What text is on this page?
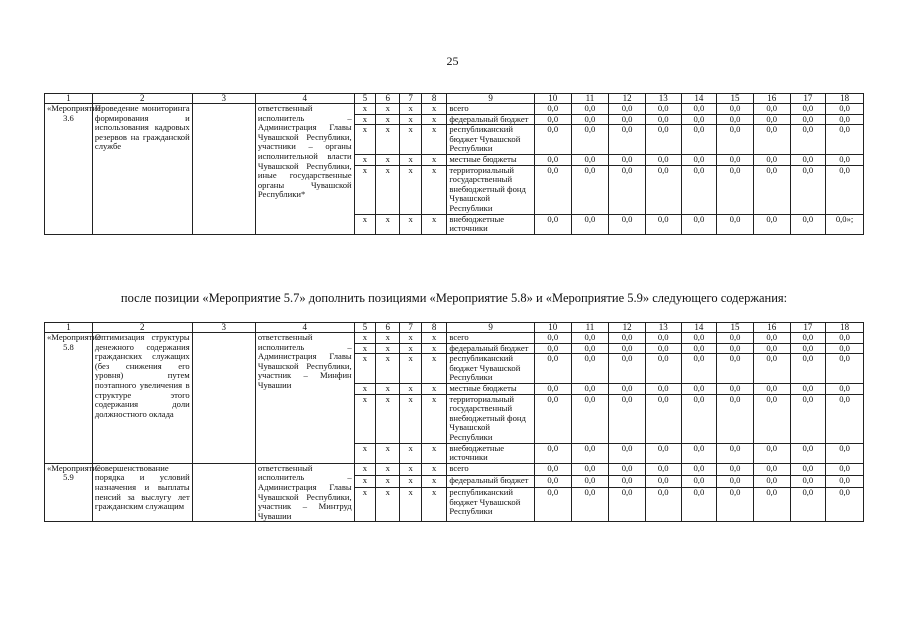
25
1	2	3	4	5	6	7	8	9	10	11	12	13	14	15	16	17	18
«Мероприятие 3.6	Проведение мониторинга формирования и использования кадровых резервов на гражданской службе		ответственный исполнитель – Администрация Главы Чувашской Республики, участники – органы исполнительной власти Чувашской Республики, иные государственные органы Чувашской Республики*	х	х	х	х	всего	0,0	0,0	0,0	0,0	0,0	0,0	0,0	0,0	0,0
				х	х	х	х	федеральный бюджет	0,0	0,0	0,0	0,0	0,0	0,0	0,0	0,0	0,0
				х	х	х	х	республиканский бюджет Чувашской Республики	0,0	0,0	0,0	0,0	0,0	0,0	0,0	0,0	0,0
				х	х	х	х	местные бюджеты	0,0	0,0	0,0	0,0	0,0	0,0	0,0	0,0	0,0
				х	х	х	х	территориальный государственный внебюджетный фонд Чувашской Республики	0,0	0,0	0,0	0,0	0,0	0,0	0,0	0,0	0,0
				х	х	х	х	внебюджетные источники	0,0	0,0	0,0	0,0	0,0	0,0	0,0	0,0	0,0»;
после позиции «Мероприятие 5.7» дополнить позициями «Мероприятие 5.8» и «Мероприятие 5.9» следующего содержания:
1	2	3	4	5	6	7	8	9	10	11	12	13	14	15	16	17	18
«Мероприятие 5.8	Оптимизация структуры денежного содержания гражданских служащих (без снижения его уровня) путем поэтапного увеличения в структуре этого содержания доли должностного оклада		ответственный исполнитель – Администрация Главы Чувашской Республики, участник – Минфин Чувашии	х	х	х	х	всего	0,0	0,0	0,0	0,0	0,0	0,0	0,0	0,0	0,0
				х	х	х	х	федеральный бюджет	0,0	0,0	0,0	0,0	0,0	0,0	0,0	0,0	0,0
				х	х	х	х	республиканский бюджет Чувашской Республики	0,0	0,0	0,0	0,0	0,0	0,0	0,0	0,0	0,0
				х	х	х	х	местные бюджеты	0,0	0,0	0,0	0,0	0,0	0,0	0,0	0,0	0,0
				х	х	х	х	территориальный государственный внебюджетный фонд Чувашской Республики	0,0	0,0	0,0	0,0	0,0	0,0	0,0	0,0	0,0
				х	х	х	х	внебюджетные источники	0,0	0,0	0,0	0,0	0,0	0,0	0,0	0,0	0,0
«Мероприятие 5.9	Совершенствование порядка и условий назначения и выплаты пенсий за выслугу лет гражданским служащим		ответственный исполнитель – Администрация Главы Чувашской Республики, участник – Минтруд Чувашии	х	х	х	х	всего	0,0	0,0	0,0	0,0	0,0	0,0	0,0	0,0	0,0
				х	х	х	х	федеральный бюджет	0,0	0,0	0,0	0,0	0,0	0,0	0,0	0,0	0,0
				х	х	х	х	республиканский бюджет Чувашской Республики	0,0	0,0	0,0	0,0	0,0	0,0	0,0	0,0	0,0
